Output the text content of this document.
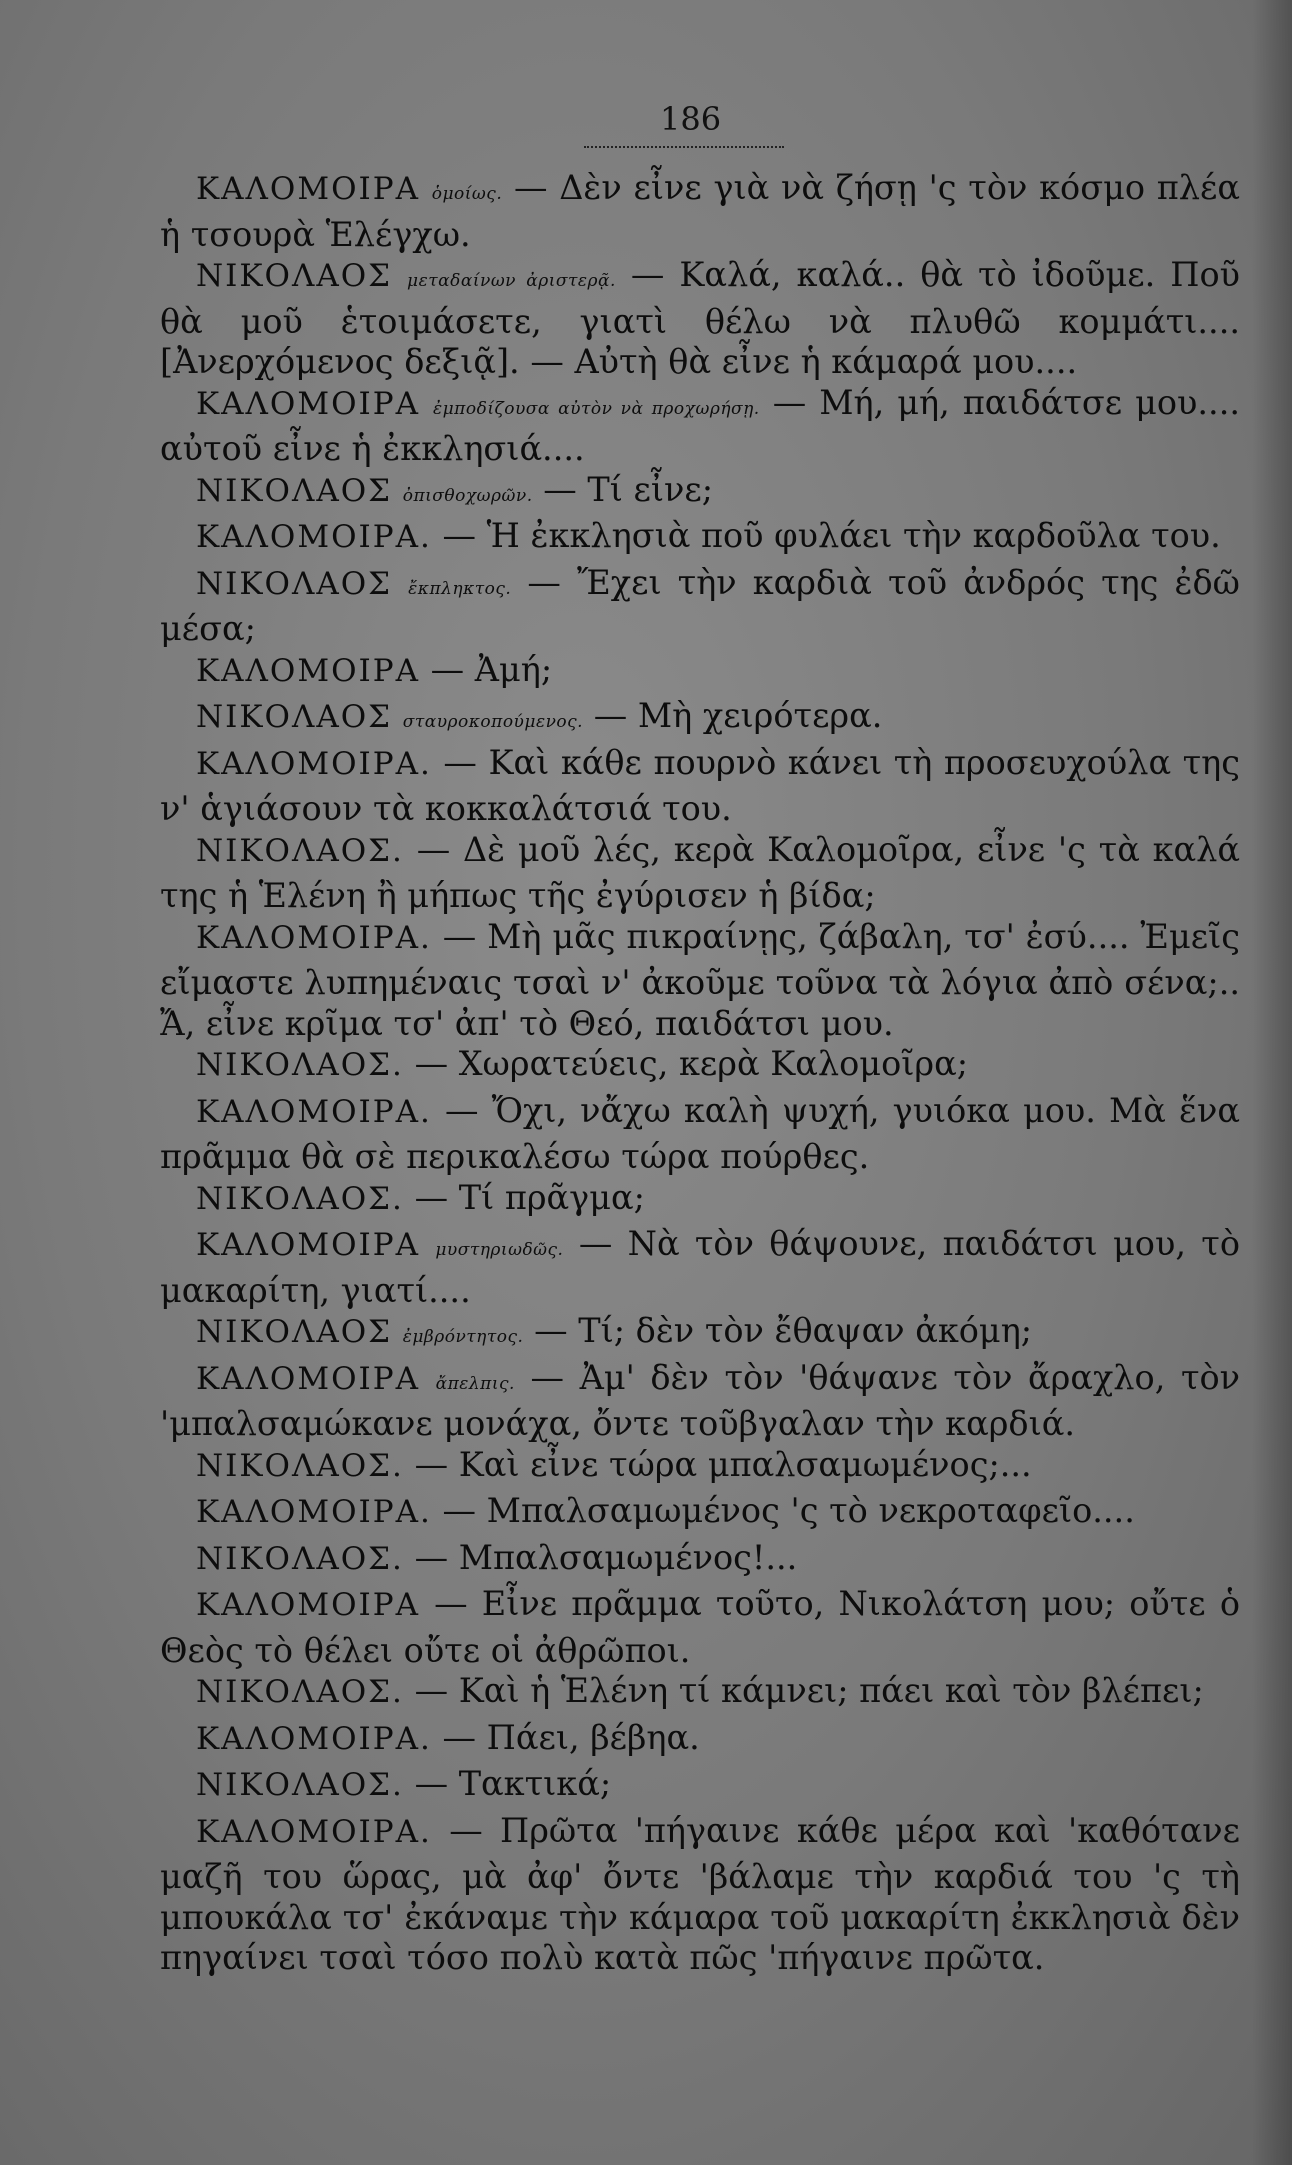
186

ΚΑΛΟΜΟΙΡΑ ὁμοίως. — Δὲν εἶνε γιὰ νὰ ζήσῃ 'ς τὸν κόσμο πλέα ἡ τσουρὰ Ἑλέγχω.

ΝΙΚΟΛΑΟΣ μεταδαίνων ἀριστερᾷ. — Καλά, καλά.. θὰ τὸ ἰδοῦμε. Ποῦ θὰ μοῦ ἑτοιμάσετε, γιατὶ θέλω νὰ πλυθῶ κομμάτι.... [Ἀνερχόμενος δεξιᾷ]. — Αὐτὴ θὰ εἶνε ἡ κάμαρά μου....

ΚΑΛΟΜΟΙΡΑ ἐμποδίζουσα αὐτὸν νὰ προχωρήσῃ. — Μή, μή, παιδάτσε μου.... αὐτοῦ εἶνε ἡ ἐκκλησιά....

ΝΙΚΟΛΑΟΣ ὀπισθοχωρῶν. — Τί εἶνε;

ΚΑΛΟΜΟΙΡΑ. — Ἡ ἐκκλησιὰ ποῦ φυλάει τὴν καρδοῦλα του.

ΝΙΚΟΛΑΟΣ ἔκπληκτος. — Ἔχει τὴν καρδιὰ τοῦ ἀνδρός της ἐδῶ μέσα;

ΚΑΛΟΜΟΙΡΑ — Ἀμή;

ΝΙΚΟΛΑΟΣ σταυροκοπούμενος. — Μὴ χειρότερα.

ΚΑΛΟΜΟΙΡΑ. — Καὶ κάθε πουρνὸ κάνει τὴ προσευχούλα της ν' ἁγιάσουν τὰ κοκκαλάτσιά του.

ΝΙΚΟΛΑΟΣ. — Δὲ μοῦ λές, κερὰ Καλομοῖρα, εἶνε 'ς τὰ καλά της ἡ Ἑλένη ἢ μήπως τῆς ἐγύρισεν ἡ βίδα;

ΚΑΛΟΜΟΙΡΑ. — Μὴ μᾶς πικραίνῃς, ζάβαλη, τσ' ἐσύ.... Ἐμεῖς εἴμαστε λυπημέναις τσαὶ ν' ἀκοῦμε τοῦνα τὰ λόγια ἀπὸ σένα;.. Ἄ, εἶνε κρῖμα τσ' ἀπ' τὸ Θεό, παιδάτσι μου.

ΝΙΚΟΛΑΟΣ. — Χωρατεύεις, κερὰ Καλομοῖρα;

ΚΑΛΟΜΟΙΡΑ. — Ὄχι, νἄχω καλὴ ψυχή, γυιόκα μου. Μὰ ἕνα πρᾶμμα θὰ σὲ περικαλέσω τώρα πούρθες.

ΝΙΚΟΛΑΟΣ. — Τί πρᾶγμα;

ΚΑΛΟΜΟΙΡΑ μυστηριωδῶς. — Νὰ τὸν θάψουνε, παιδάτσι μου, τὸ μακαρίτη, γιατί....

ΝΙΚΟΛΑΟΣ ἐμβρόντητος. — Τί; δὲν τὸν ἔθαψαν ἀκόμη;

ΚΑΛΟΜΟΙΡΑ ἄπελπις. — Ἀμ' δὲν τὸν 'θάψανε τὸν ἄραχλο, τὸν 'μπαλσαμώκανε μονάχα, ὄντε τοῦβγαλαν τὴν καρδιά.

ΝΙΚΟΛΑΟΣ. — Καὶ εἶνε τώρα μπαλσαμωμένος;...

ΚΑΛΟΜΟΙΡΑ. — Μπαλσαμωμένος 'ς τὸ νεκροταφεῖο....

ΝΙΚΟΛΑΟΣ. — Μπαλσαμωμένος!...

ΚΑΛΟΜΟΙΡΑ — Εἶνε πρᾶμμα τοῦτο, Νικολάτση μου; οὔτε ὁ Θεὸς τὸ θέλει οὔτε οἱ ἀθρῶποι.

ΝΙΚΟΛΑΟΣ. — Καὶ ἡ Ἑλένη τί κάμνει; πάει καὶ τὸν βλέπει;

ΚΑΛΟΜΟΙΡΑ. — Πάει, βέβηα.

ΝΙΚΟΛΑΟΣ. — Τακτικά;

ΚΑΛΟΜΟΙΡΑ. — Πρῶτα 'πήγαινε κάθε μέρα καὶ 'καθότανε μαζῆ του ὥρας, μὰ ἀφ' ὄντε 'βάλαμε τὴν καρδιά του 'ς τὴ μπουκάλα τσ' ἐκάναμε τὴν κάμαρα τοῦ μακαρίτη ἐκκλησιὰ δὲν πηγαίνει τσαὶ τόσο πολὺ κατὰ πῶς 'πήγαινε πρῶτα.
